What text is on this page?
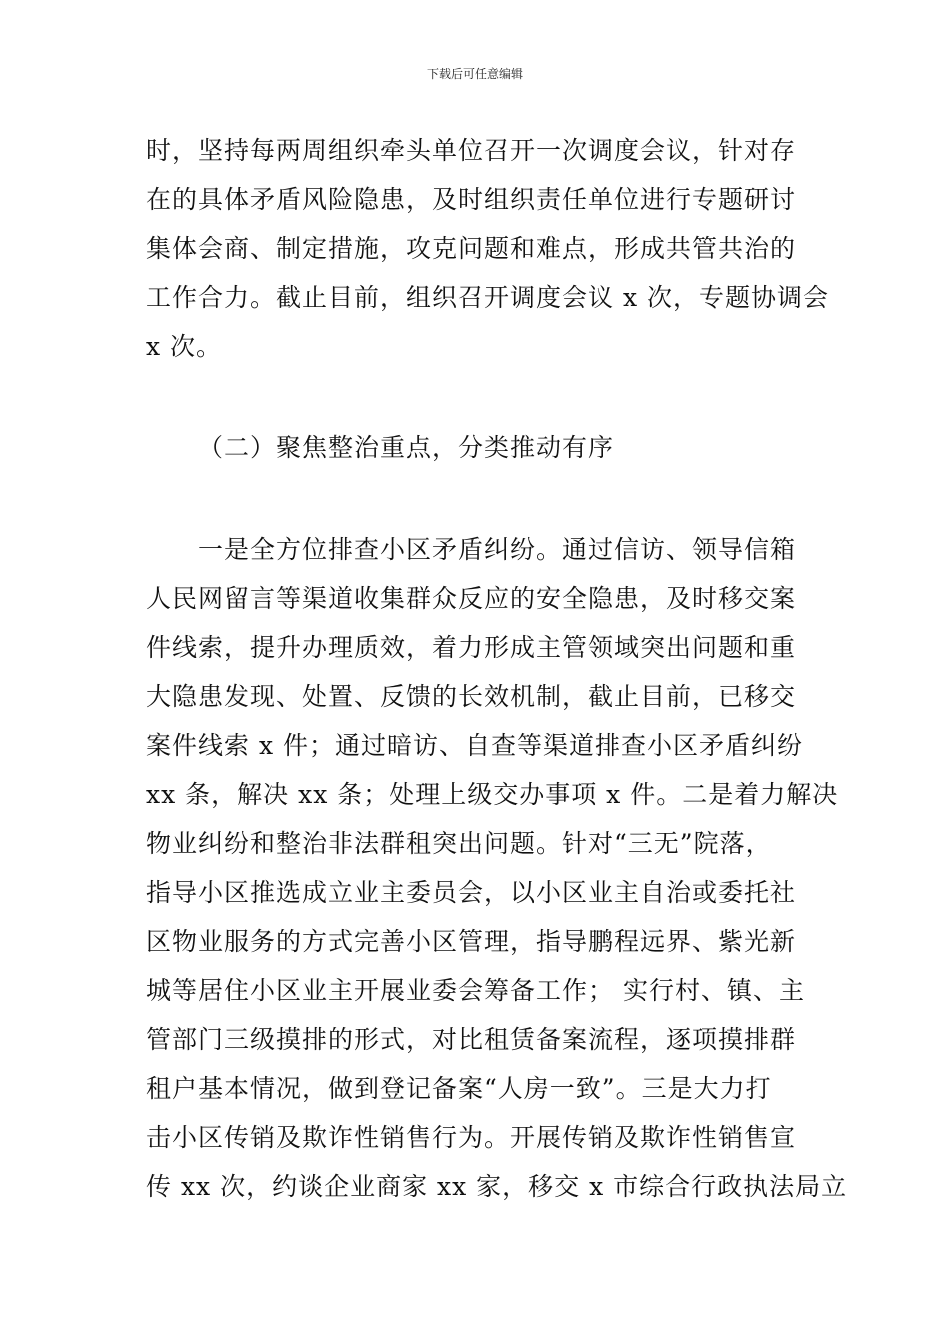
下载后可任意编辑
时，坚持每两周组织牵头单位召开一次调度会议，针对存
在的具体矛盾风险隐患，及时组织责任单位进行专题研讨
集体会商、制定措施，攻克问题和难点，形成共管共治的
工作合力。截止目前，组织召开调度会议 x 次，专题协调会
x 次。
（二）聚焦整治重点，分类推动有序
一是全方位排查小区矛盾纠纷。通过信访、领导信箱
人民网留言等渠道收集群众反应的安全隐患，及时移交案
件线索，提升办理质效，着力形成主管领域突出问题和重
大隐患发现、处置、反馈的长效机制，截止目前，已移交
案件线索 x 件；通过暗访、自查等渠道排查小区矛盾纠纷
xx 条，解决 xx 条；处理上级交办事项 x 件。二是着力解决
物业纠纷和整治非法群租突出问题。针对“三无”院落，
指导小区推选成立业主委员会，以小区业主自治或委托社
区物业服务的方式完善小区管理，指导鹏程远界、紫光新
城等居住小区业主开展业委会筹备工作； 实行村、镇、主
管部门三级摸排的形式，对比租赁备案流程，逐项摸排群
租户基本情况，做到登记备案“人房一致”。三是大力打
击小区传销及欺诈性销售行为。开展传销及欺诈性销售宣
传 xx 次，约谈企业商家 xx 家，移交 x 市综合行政执法局立
